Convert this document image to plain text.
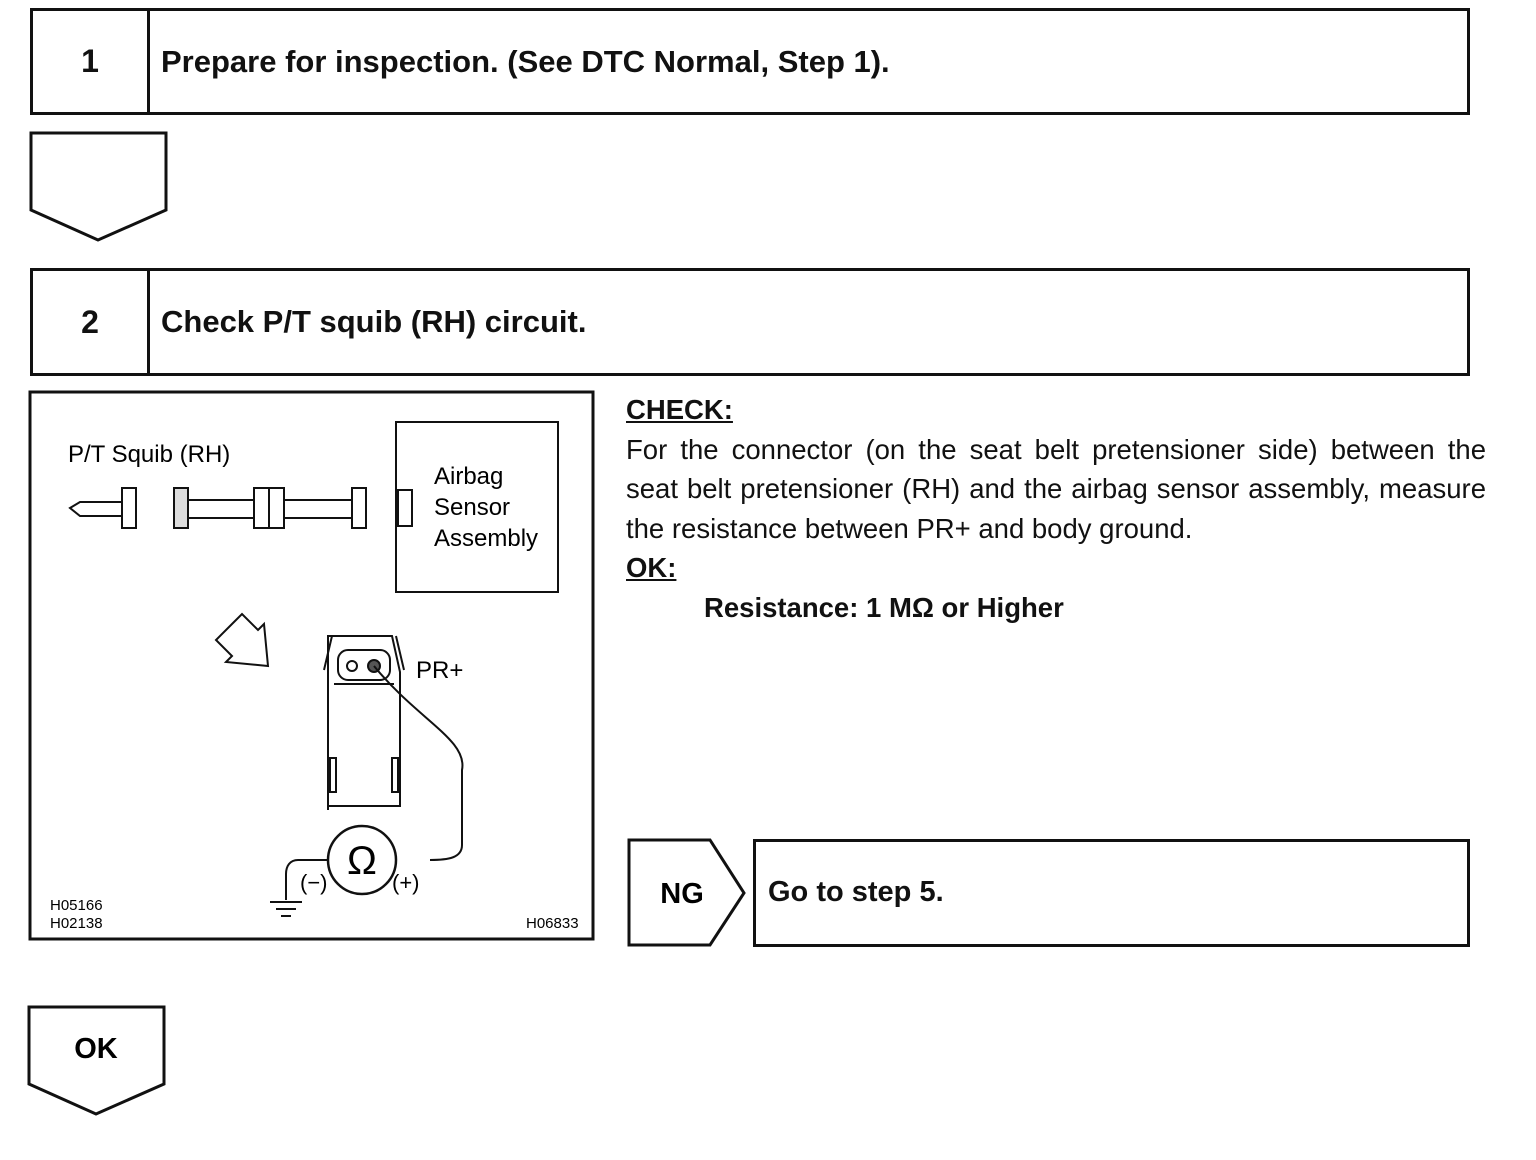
1	Prepare for inspection. (See DTC Normal, Step 1).
2	Check P/T squib (RH) circuit.
P/T Squib (RH)
Airbag
Sensor
Assembly
PR+
Ω
(−)	(+)
H05166
H02138	H06833
CHECK:
For the connector (on the seat belt pretensioner side) between the seat belt pretensioner (RH) and the airbag sensor assembly, measure the resistance between PR+ and body ground.
OK:
Resistance: 1 MΩ or Higher
NG Go to step 5.
OK
